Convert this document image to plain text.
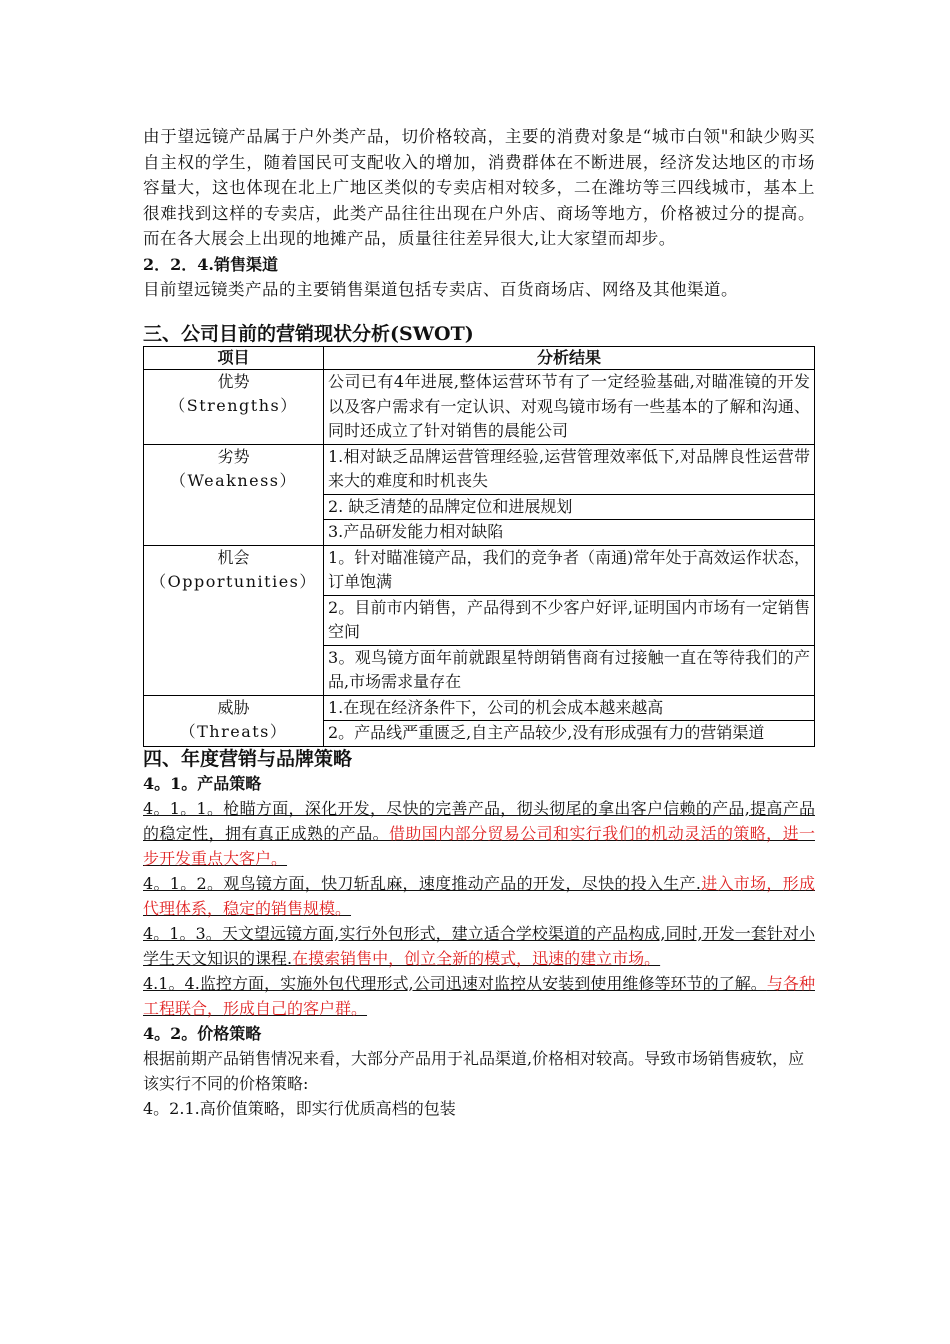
由于望远镜产品属于户外类产品，切价格较高，主要的消费对象是“城市白领"和缺少购买自主权的学生，随着国民可支配收入的增加，消费群体在不断进展，经济发达地区的市场容量大，这也体现在北上广地区类似的专卖店相对较多，二在潍坊等三四线城市，基本上很难找到这样的专卖店，此类产品往往出现在户外店、商场等地方，价格被过分的提高。而在各大展会上出现的地摊产品，质量往往差异很大,让大家望而却步。

2．2．4.销售渠道

目前望远镜类产品的主要销售渠道包括专卖店、百货商场店、网络及其他渠道。

三、公司目前的营销现状分析(SWOT)

项目	分析结果

优势
（Strengths）	公司已有4年进展,整体运营环节有了一定经验基础,对瞄准镜的开发以及客户需求有一定认识、对观鸟镜市场有一些基本的了解和沟通、同时还成立了针对销售的晨能公司

劣势
（Weakness）	1.相对缺乏品牌运营管理经验,运营管理效率低下,对品牌良性运营带来大的难度和时机丧失
	2. 缺乏清楚的品牌定位和进展规划
	3.产品研发能力相对缺陷

机会
（Opportunities）	1。针对瞄准镜产品，我们的竞争者（南通)常年处于高效运作状态，订单饱满
	2。目前市内销售，产品得到不少客户好评,证明国内市场有一定销售空间
	3。观鸟镜方面年前就跟星特朗销售商有过接触一直在等待我们的产品,市场需求量存在

威胁
（Threats）	1.在现在经济条件下，公司的机会成本越来越高
	2。产品线严重匮乏,自主产品较少,没有形成强有力的营销渠道

四、年度营销与品牌策略

4。1。产品策略

4。1。1。枪瞄方面，深化开发，尽快的完善产品，彻头彻尾的拿出客户信赖的产品,提高产品的稳定性，拥有真正成熟的产品。借助国内部分贸易公司和实行我们的机动灵活的策略，进一步开发重点大客户。

4。1。2。观鸟镜方面，快刀斩乱麻，速度推动产品的开发，尽快的投入生产.进入市场，形成代理体系，稳定的销售规模。

4。1。3。天文望远镜方面,实行外包形式，建立适合学校渠道的产品构成,同时,开发一套针对小学生天文知识的课程.在摸索销售中，创立全新的模式，迅速的建立市场。

4.1。4.监控方面，实施外包代理形式,公司迅速对监控从安装到使用维修等环节的了解。与各种工程联合，形成自己的客户群。

4。2。价格策略

根据前期产品销售情况来看，大部分产品用于礼品渠道,价格相对较高。导致市场销售疲软，应该实行不同的价格策略:

4。2.1.高价值策略，即实行优质高档的包装
